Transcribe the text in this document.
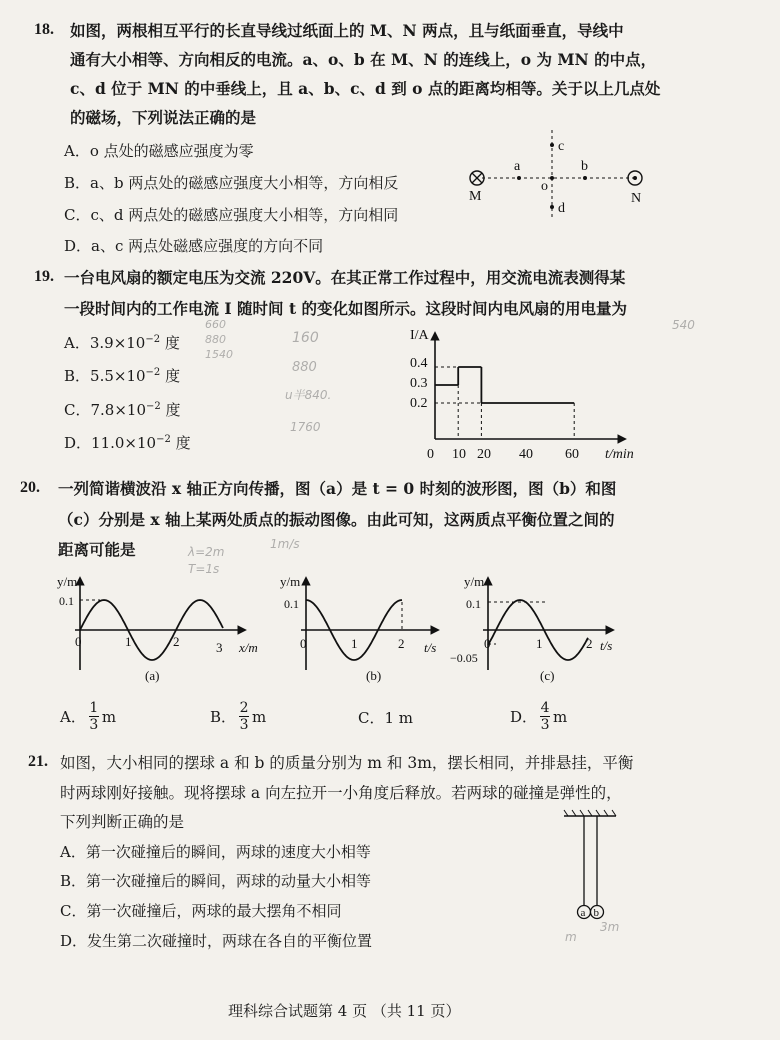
18. 如图，两根相互平行的长直导线过纸面上的 M、N 两点，且与纸面垂直，导线中
通有大小相等、方向相反的电流。a、o、b 在 M、N 的连线上，o 为 MN 的中点，
c、d 位于 MN 的中垂线上，且 a、b、c、d 到 o 点的距离均相等。关于以上几点处
的磁场，下列说法正确的是
A．o 点处的磁感应强度为零
B．a、b 两点处的磁感应强度大小相等，方向相反
C．c、d 两点处的磁感应强度大小相等，方向相同
D．a、c 两点处磁感应强度的方向不同
M	N
a
o
b
c
d
19. 一台电风扇的额定电压为交流 220V。在其正常工作过程中，用交流电流表测得某
一段时间内的工作电流 I 随时间 t 的变化如图所示。这段时间内电风扇的用电量为
A．$3.9\times 10^{-2}$ 度
B．$5.5\times 10^{-2}$ 度
C．$7.8\times 10^{-2}$ 度
D．$11.0\times 10^{-2}$ 度
I/A
t/min
0 10 20 40 60
0.2
0.3
0.4
20. 一列简谐横波沿 x 轴正方向传播，图（a）是 t = 0 时刻的波形图，图（b）和图
（c）分别是 x 轴上某两处质点的振动图像。由此可知，这两质点平衡位置之间的
距离可能是
y/m
0.1
0	1	2	3 x/m
(a)
y/m
0.1
0	1	2 t/s
(b)
y/m
0.1
−0.05
0	1	2 t/s
(c)
A． 1
3 m	B． 2
3 m	C．1 m	D． 4
3 m
21. 如图，大小相同的摆球 a 和 b 的质量分别为 m 和 3m，摆长相同，并排悬挂，平衡
时两球刚好接触。现将摆球 a 向左拉开一小角度后释放。若两球的碰撞是弹性的，
下列判断正确的是
A．第一次碰撞后的瞬间，两球的速度大小相等
B．第一次碰撞后的瞬间，两球的动量大小相等
C．第一次碰撞后，两球的最大摆角不相同
D．发生第二次碰撞时，两球在各自的平衡位置
a b
660
880
1540
160
880
u半840.
1760
λ=2m
T=1s
1m/s
m
3m
540
理科综合试题第 4 页 （共 11 页）
